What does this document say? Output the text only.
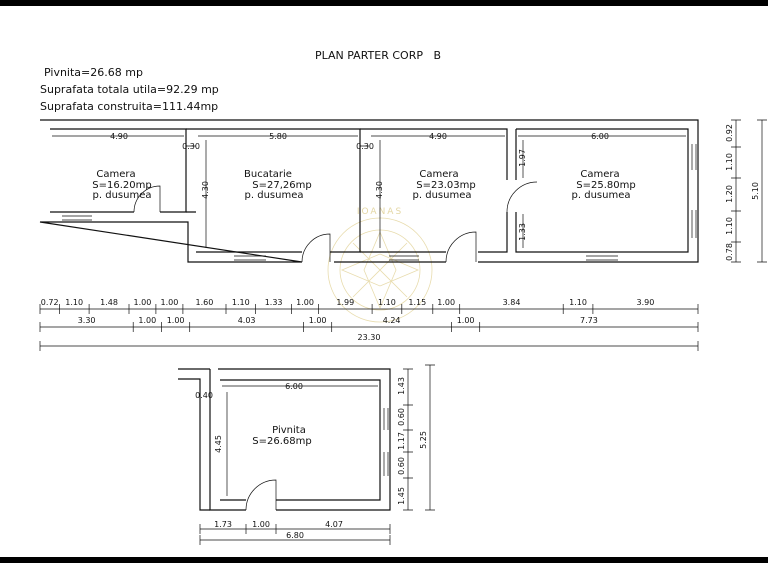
IOANAS
PLAN PARTER CORP   B
Pivnita=26.68 mp
Suprafata totala utila=92.29 mp
Suprafata construita=111.44mp
4.90	5.80	4.90	6.00
0.30	0.30
4.30	4.30
1.97
1.33
Camera
S=16.20mp
p. dusumea
Bucatarie
S=27,26mp
p. dusumea
Camera
S=23.03mp
p. dusumea
Camera
S=25.80mp
p. dusumea
0.78
1.10
1.20
1.10
0.92
5.10
0.72 1.10 1.48 1.00 1.00 1.60 1.10 1.33 1.00	1.99	1.10 1.15 1.00	3.84	1.10	3.90
3.30	1.00 1.00	4.03	1.00	4.24	1.00	7.73
23.30
6.00
0.40
4.45
Pivnita
S=26.68mp
1.45
0.60
1.17
0.60
1.43
5.25
1.73	1.00	4.07
6.80
